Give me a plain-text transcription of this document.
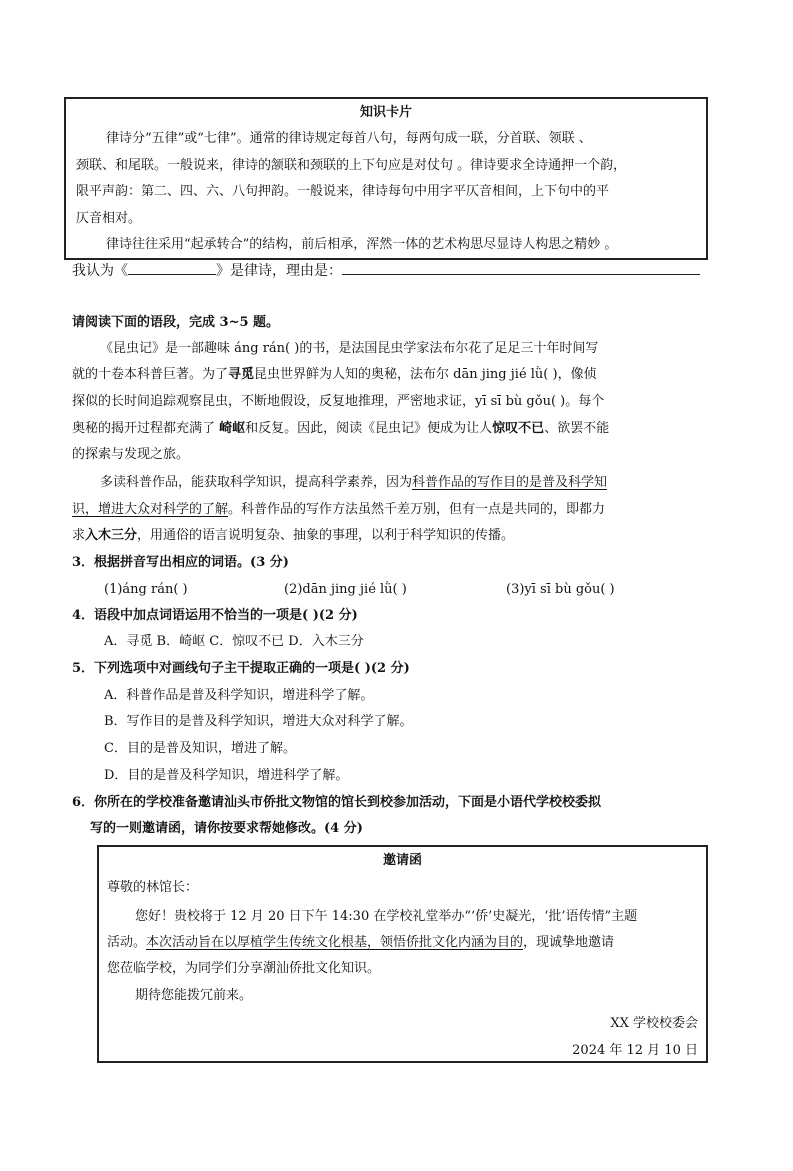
知识卡片
律诗分“五律”或“七律”。通常的律诗规定每首八句，每两句成一联，分首联、领联 、
颈联、和尾联。一般说来，律诗的颔联和颈联的上下句应是对仗句 。律诗要求全诗通押一个韵，
限平声韵：第二、四、六、八句押韵。一般说来，律诗每句中用字平仄音相间，上下句中的平
仄音相对。
律诗往往采用“起承转合”的结构，前后相承，浑然一体的艺术构思尽显诗人构思之精妙 。
我认为《	》是律诗，理由是：
请阅读下面的语段，完成 3~5 题。
《昆虫记》是一部趣味 áng rán( )的书，是法国昆虫学家法布尔花了足足三十年时间写
就的十卷本科普巨著。为了寻觅昆虫世界鲜为人知的奥秘，法布尔 dān jing jié lǜ( )，像侦
探似的长时间追踪观察昆虫，不断地假设，反复地推理，严密地求证，yī sī bù gǒu( )。每个
奥秘的揭开过程都充满了 崎岖和反复。因此，阅读《昆虫记》便成为让人惊叹不已、欲罢不能
的探索与发现之旅。
多读科普作品，能获取科学知识，提高科学素养，因为科普作品的写作目的是普及科学知
识，增进大众对科学的了解。科普作品的写作方法虽然千差万别，但有一点是共同的，即都力
求入木三分，用通俗的语言说明复杂、抽象的事理，以利于科学知识的传播。
3．根据拼音写出相应的词语。(3 分)
(1)áng rán( )	(2)dān jing jié lǜ( )	(3)yī sī bù gǒu( )
4．语段中加点词语运用不恰当的一项是( )(2 分)
A．寻觅 B．崎岖 C．惊叹不已 D．入木三分
5．下列选项中对画线句子主干提取正确的一项是( )(2 分)
A．科普作品是普及科学知识，增进科学了解。
B．写作目的是普及科学知识，增进大众对科学了解。
C．目的是普及知识，增进了解。
D．目的是普及科学知识，增进科学了解。
6．你所在的学校准备邀请汕头市侨批文物馆的馆长到校参加活动，下面是小语代学校校委拟
写的一则邀请函，请你按要求帮她修改。(4 分)
邀请函
尊敬的林馆长：
您好！贵校将于 12 月 20 日下午 14:30 在学校礼堂举办“‘侨’史凝光，‘批’语传情”主题
活动。本次活动旨在以厚植学生传统文化根基，领悟侨批文化内涵为目的，现诚挚地邀请
您莅临学校，为同学们分享潮汕侨批文化知识。
期待您能拨冗前来。
XX 学校校委会
2024 年 12 月 10 日
